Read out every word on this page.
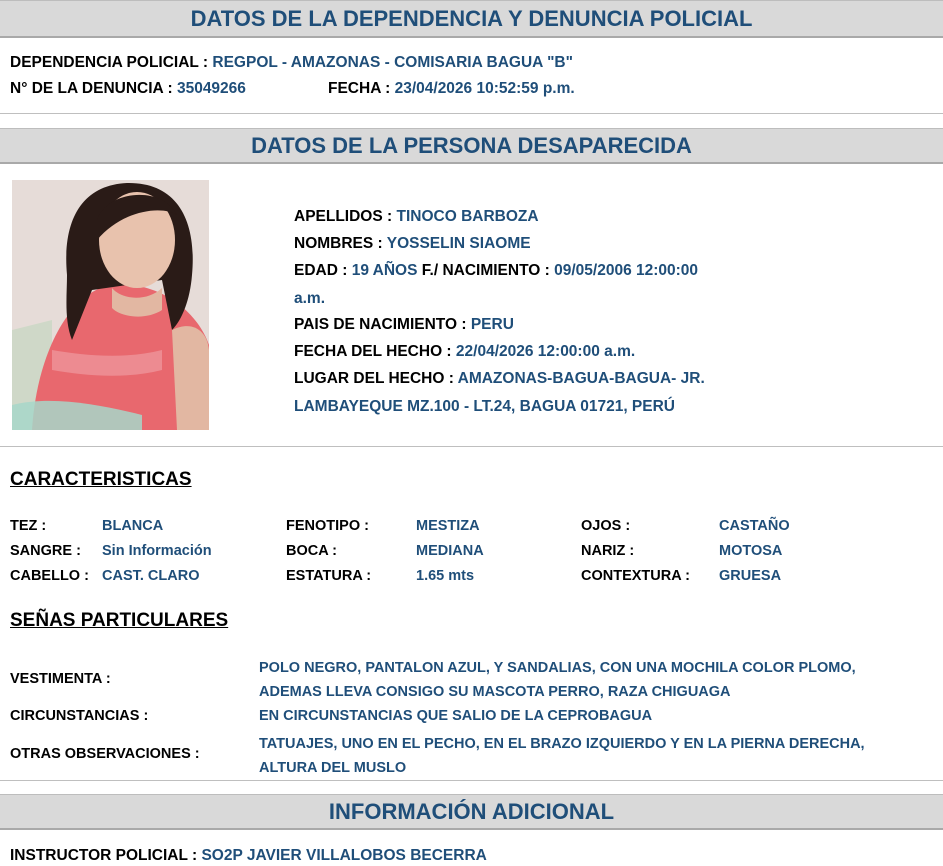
DATOS DE LA DEPENDENCIA Y DENUNCIA POLICIAL
DEPENDENCIA POLICIAL : REGPOL - AMAZONAS - COMISARIA BAGUA "B"
N° DE LA DENUNCIA : 35049266	FECHA : 23/04/2026 10:52:59 p.m.
DATOS DE LA PERSONA DESAPARECIDA
APELLIDOS : TINOCO BARBOZA
NOMBRES : YOSSELIN SIAOME
EDAD : 19 AÑOS F./ NACIMIENTO : 09/05/2006 12:00:00
a.m.
PAIS DE NACIMIENTO : PERU
FECHA DEL HECHO : 22/04/2026 12:00:00 a.m.
LUGAR DEL HECHO : AMAZONAS-BAGUA-BAGUA- JR.
LAMBAYEQUE MZ.100 - LT.24, BAGUA 01721, PERÚ
CARACTERISTICAS
TEZ :	BLANCA	FENOTIPO :	MESTIZA	OJOS :	CASTAÑO
SANGRE : Sin Información	BOCA :	MEDIANA	NARIZ :	MOTOSA
CABELLO : CAST. CLARO	ESTATURA :	1.65 mts	CONTEXTURA : GRUESA
SEÑAS PARTICULARES
VESTIMENTA :
POLO NEGRO, PANTALON AZUL, Y SANDALIAS, CON UNA MOCHILA COLOR PLOMO,
ADEMAS LLEVA CONSIGO SU MASCOTA PERRO, RAZA CHIGUAGA
CIRCUNSTANCIAS :	EN CIRCUNSTANCIAS QUE SALIO DE LA CEPROBAGUA
OTRAS OBSERVACIONES :
TATUAJES, UNO EN EL PECHO, EN EL BRAZO IZQUIERDO Y EN LA PIERNA DERECHA,
ALTURA DEL MUSLO
INFORMACIÓN ADICIONAL
INSTRUCTOR POLICIAL : SO2P JAVIER VILLALOBOS BECERRA
